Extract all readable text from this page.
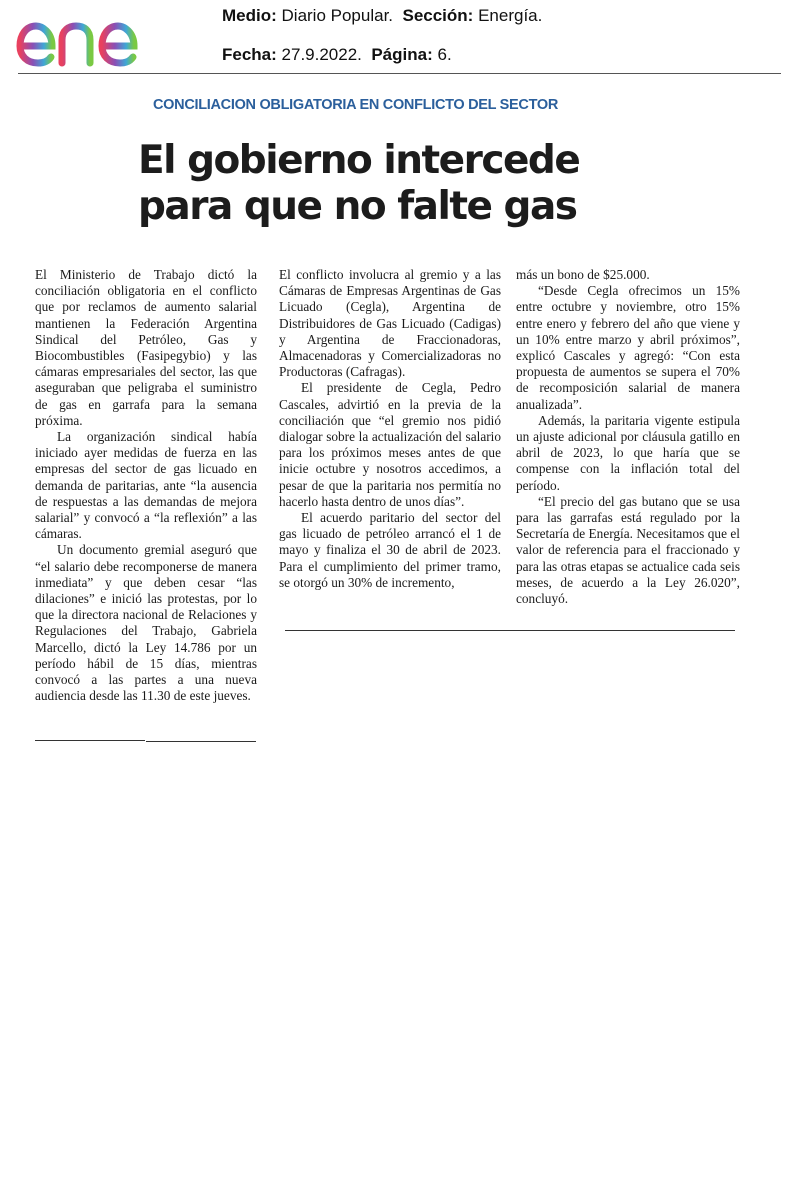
Medio: Diario Popular. Sección: Energía.
Fecha: 27.9.2022. Página: 6.
CONCILIACION OBLIGATORIA EN CONFLICTO DEL SECTOR
El gobierno intercede para que no falte gas

El Ministerio de Trabajo dictó la conciliación obligatoria en el conflicto que por reclamos de aumento salarial mantienen la Federación Argentina Sindical del Petróleo, Gas y Biocombustibles (Fasipegybio) y las cámaras empresariales del sector, las que aseguraban que peligraba el suministro de gas en garrafa para la semana próxima.

La organización sindical había iniciado ayer medidas de fuerza en las empresas del sector de gas licuado en demanda de paritarias, ante “la ausencia de respuestas a las demandas de mejora salarial” y convocó a “la reflexión” a las cámaras.

Un documento gremial aseguró que “el salario debe recomponerse de manera inmediata” y que deben cesar “las dilaciones” e inició las protestas, por lo que la directora nacional de Relaciones y Regulaciones del Trabajo, Gabriela Marcello, dictó la Ley 14.786 por un período hábil de 15 días, mientras convocó a las partes a una nueva audiencia desde las 11.30 de este jueves.

El conflicto involucra al gremio y a las Cámaras de Empresas Argentinas de Gas Licuado (Cegla), Argentina de Distribuidores de Gas Licuado (Cadigas) y Argentina de Fraccionadoras, Almacenadoras y Comercializadoras no Productoras (Cafragas).

El presidente de Cegla, Pedro Cascales, advirtió en la previa de la conciliación que “el gremio nos pidió dialogar sobre la actualización del salario para los próximos meses antes de que inicie octubre y nosotros accedimos, a pesar de que la paritaria nos permitía no hacerlo hasta dentro de unos días”.

El acuerdo paritario del sector del gas licuado de petróleo arrancó el 1 de mayo y finaliza el 30 de abril de 2023. Para el cumplimiento del primer tramo, se otorgó un 30% de incremento,

más un bono de $25.000.

“Desde Cegla ofrecimos un 15% entre octubre y noviembre, otro 15% entre enero y febrero del año que viene y un 10% entre marzo y abril próximos”, explicó Cascales y agregó: “Con esta propuesta de aumentos se supera el 70% de recomposición salarial de manera anualizada”.

Además, la paritaria vigente estipula un ajuste adicional por cláusula gatillo en abril de 2023, lo que haría que se compense con la inflación total del período.

“El precio del gas butano que se usa para las garrafas está regulado por la Secretaría de Energía. Necesitamos que el valor de referencia para el fraccionado y para las otras etapas se actualice cada seis meses, de acuerdo a la Ley 26.020”, concluyó.
